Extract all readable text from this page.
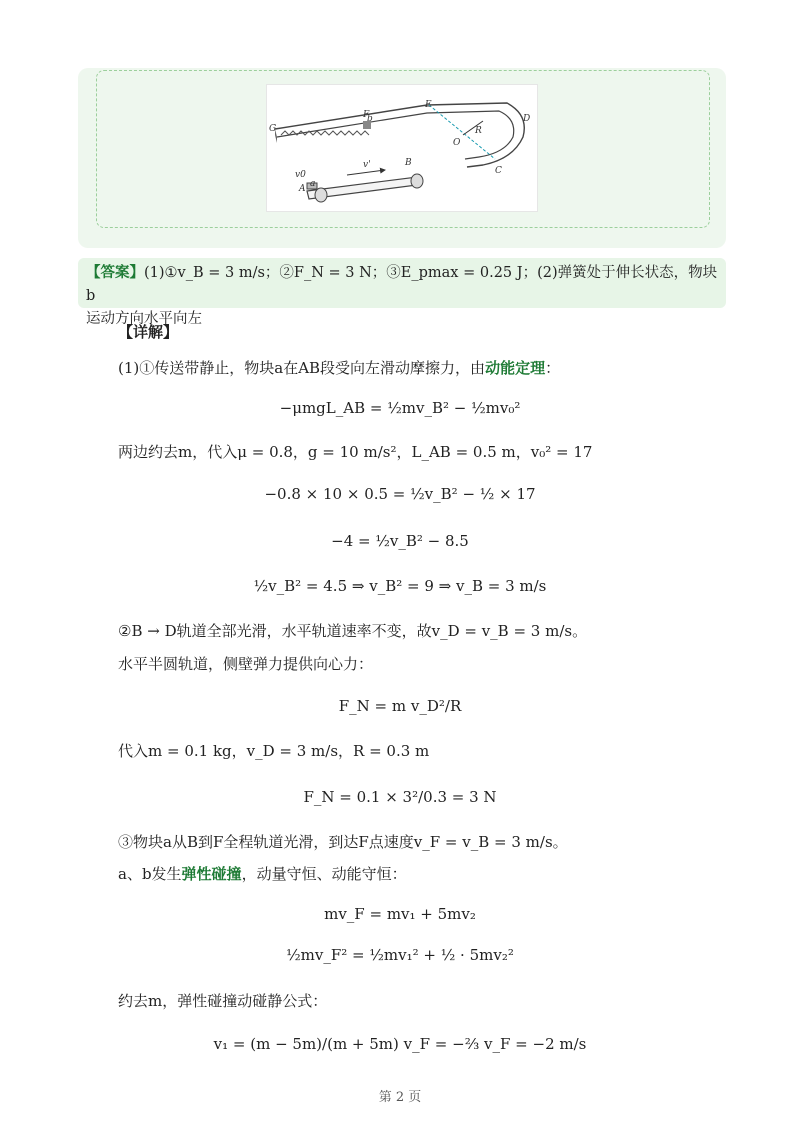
G
F
E
D
R
O
C
B
A a
b
v0
v'
【答案】(1)①v_B = 3 m/s；②F_N = 3 N；③E_pmax = 0.25 J；(2)弹簧处于伸长状态，物块b
运动方向水平向左
【详解】
(1)①传送带静止，物块a在AB段受向左滑动摩擦力，由动能定理：
−μmgL_AB = ½mv_B² − ½mv₀²
两边约去m，代入μ = 0.8，g = 10 m/s²，L_AB = 0.5 m，v₀² = 17
−0.8 × 10 × 0.5 = ½v_B² − ½ × 17
−4 = ½v_B² − 8.5
½v_B² = 4.5 ⇒ v_B² = 9 ⇒ v_B = 3 m/s
②B → D轨道全部光滑，水平轨道速率不变，故v_D = v_B = 3 m/s。
水平半圆轨道，侧壁弹力提供向心力：
F_N = m v_D²/R
代入m = 0.1 kg，v_D = 3 m/s，R = 0.3 m
F_N = 0.1 × 3²/0.3 = 3 N
③物块a从B到F全程轨道光滑，到达F点速度v_F = v_B = 3 m/s。
a、b发生弹性碰撞，动量守恒、动能守恒：
mv_F = mv₁ + 5mv₂
½mv_F² = ½mv₁² + ½ · 5mv₂²
约去m，弹性碰撞动碰静公式：
v₁ = (m − 5m)/(m + 5m) v_F = −⅔ v_F = −2 m/s
第 2 页
